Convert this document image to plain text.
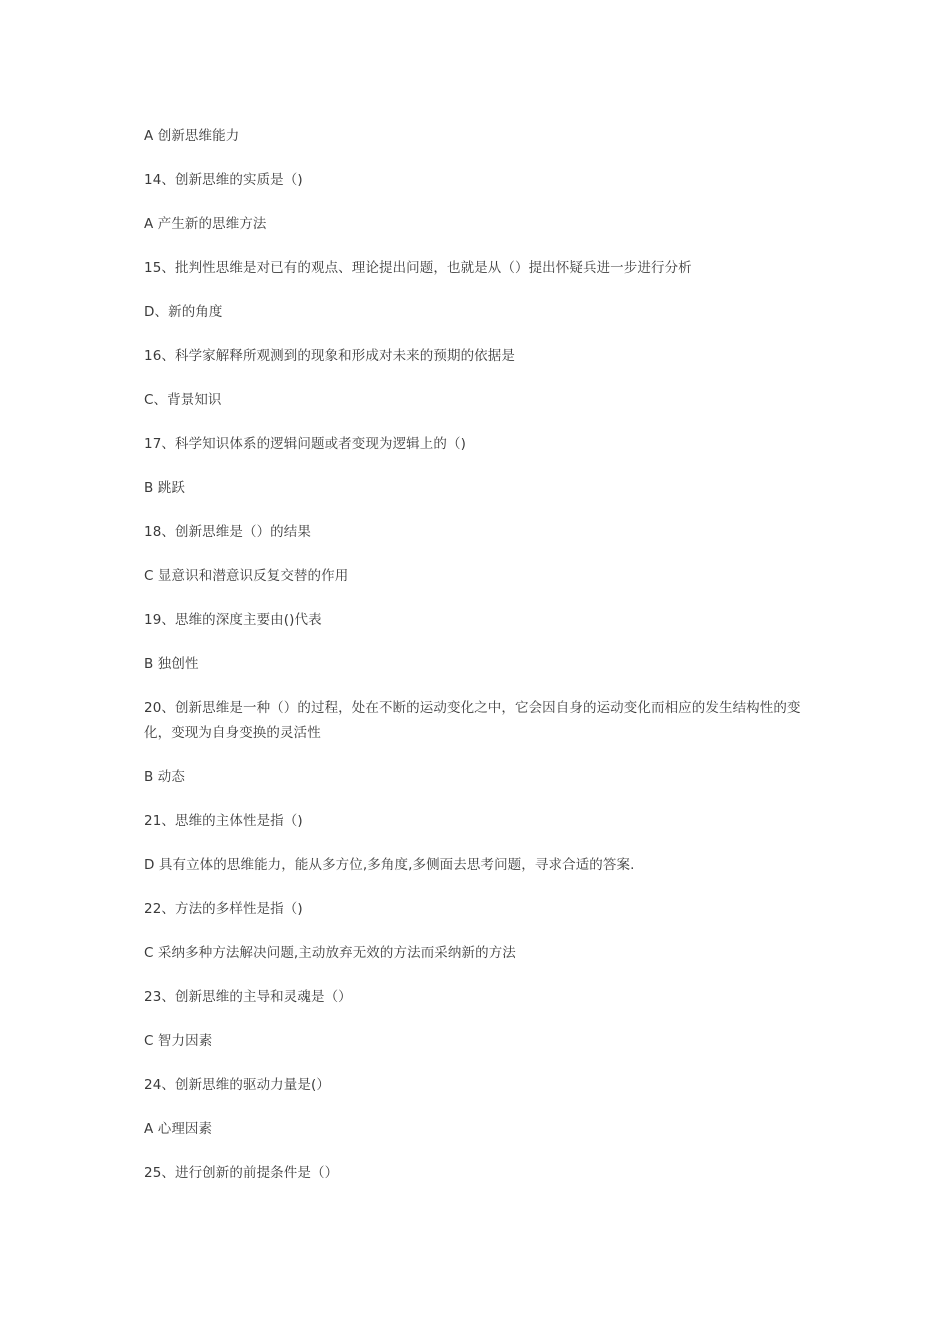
A 创新思维能力
14、创新思维的实质是（)
A 产生新的思维方法
15、批判性思维是对已有的观点、理论提出问题，也就是从（）提出怀疑兵进一步进行分析
D、新的角度
16、科学家解释所观测到的现象和形成对未来的预期的依据是
C、背景知识
17、科学知识体系的逻辑问题或者变现为逻辑上的（)
B 跳跃
18、创新思维是（）的结果
C 显意识和潜意识反复交替的作用
19、思维的深度主要由()代表
B 独创性
20、创新思维是一种（）的过程，处在不断的运动变化之中，它会因自身的运动变化而相应的发生结构性的变化，变现为自身变换的灵活性
B 动态
21、思维的主体性是指（)
D 具有立体的思维能力，能从多方位,多角度,多侧面去思考问题，寻求合适的答案.
22、方法的多样性是指（)
C 采纳多种方法解决问题,主动放弃无效的方法而采纳新的方法
23、创新思维的主导和灵魂是（）
C 智力因素
24、创新思维的驱动力量是(）
A 心理因素
25、进行创新的前提条件是（）
